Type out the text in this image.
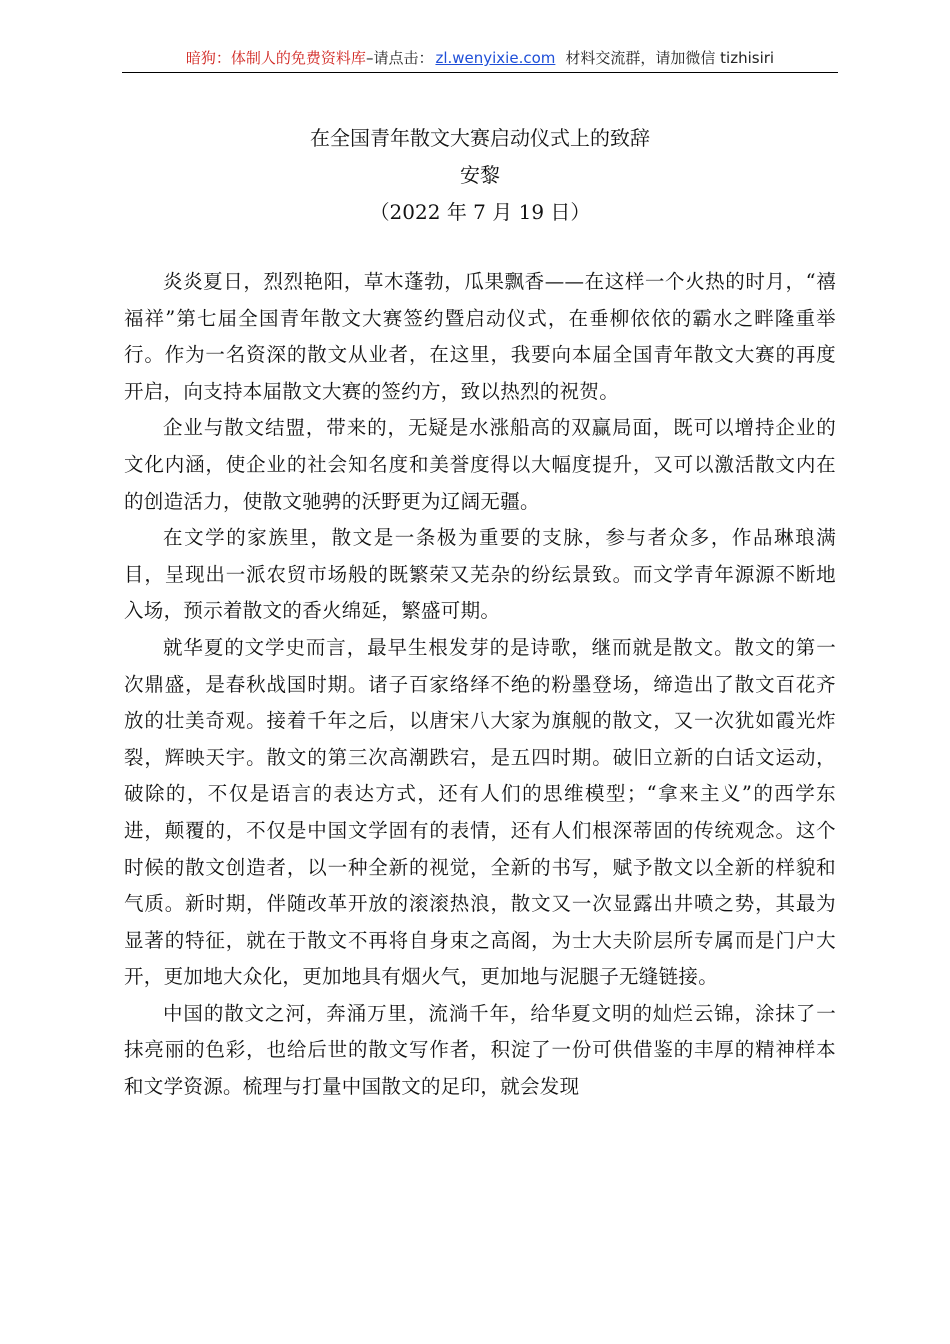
暗狗：体制人的免费资料库–请点击： zl.wenyixie.com 材料交流群，请加微信 tizhisiri
在全国青年散文大赛启动仪式上的致辞
安黎
（2022 年 7 月 19 日）

炎炎夏日，烈烈艳阳，草木蓬勃，瓜果飘香——在这样一个火热的时月，“禧福祥”第七届全国青年散文大赛签约暨启动仪式，在垂柳依依的霸水之畔隆重举行。作为一名资深的散文从业者，在这里，我要向本届全国青年散文大赛的再度开启，向支持本届散文大赛的签约方，致以热烈的祝贺。

企业与散文结盟，带来的，无疑是水涨船高的双赢局面，既可以增持企业的文化内涵，使企业的社会知名度和美誉度得以大幅度提升，又可以激活散文内在的创造活力，使散文驰骋的沃野更为辽阔无疆。

在文学的家族里，散文是一条极为重要的支脉，参与者众多，作品琳琅满目，呈现出一派农贸市场般的既繁荣又芜杂的纷纭景致。而文学青年源源不断地入场，预示着散文的香火绵延，繁盛可期。

就华夏的文学史而言，最早生根发芽的是诗歌，继而就是散文。散文的第一次鼎盛，是春秋战国时期。诸子百家络绎不绝的粉墨登场，缔造出了散文百花齐放的壮美奇观。接着千年之后，以唐宋八大家为旗舰的散文，又一次犹如霞光炸裂，辉映天宇。散文的第三次高潮跌宕，是五四时期。破旧立新的白话文运动，破除的，不仅是语言的表达方式，还有人们的思维模型；“拿来主义”的西学东进，颠覆的，不仅是中国文学固有的表情，还有人们根深蒂固的传统观念。这个时候的散文创造者，以一种全新的视觉，全新的书写，赋予散文以全新的样貌和气质。新时期，伴随改革开放的滚滚热浪，散文又一次显露出井喷之势，其最为显著的特征，就在于散文不再将自身束之高阁，为士大夫阶层所专属而是门户大开，更加地大众化，更加地具有烟火气，更加地与泥腿子无缝链接。

中国的散文之河，奔涌万里，流淌千年，给华夏文明的灿烂云锦，涂抹了一抹亮丽的色彩，也给后世的散文写作者，积淀了一份可供借鉴的丰厚的精神样本和文学资源。梳理与打量中国散文的足印，就会发现
